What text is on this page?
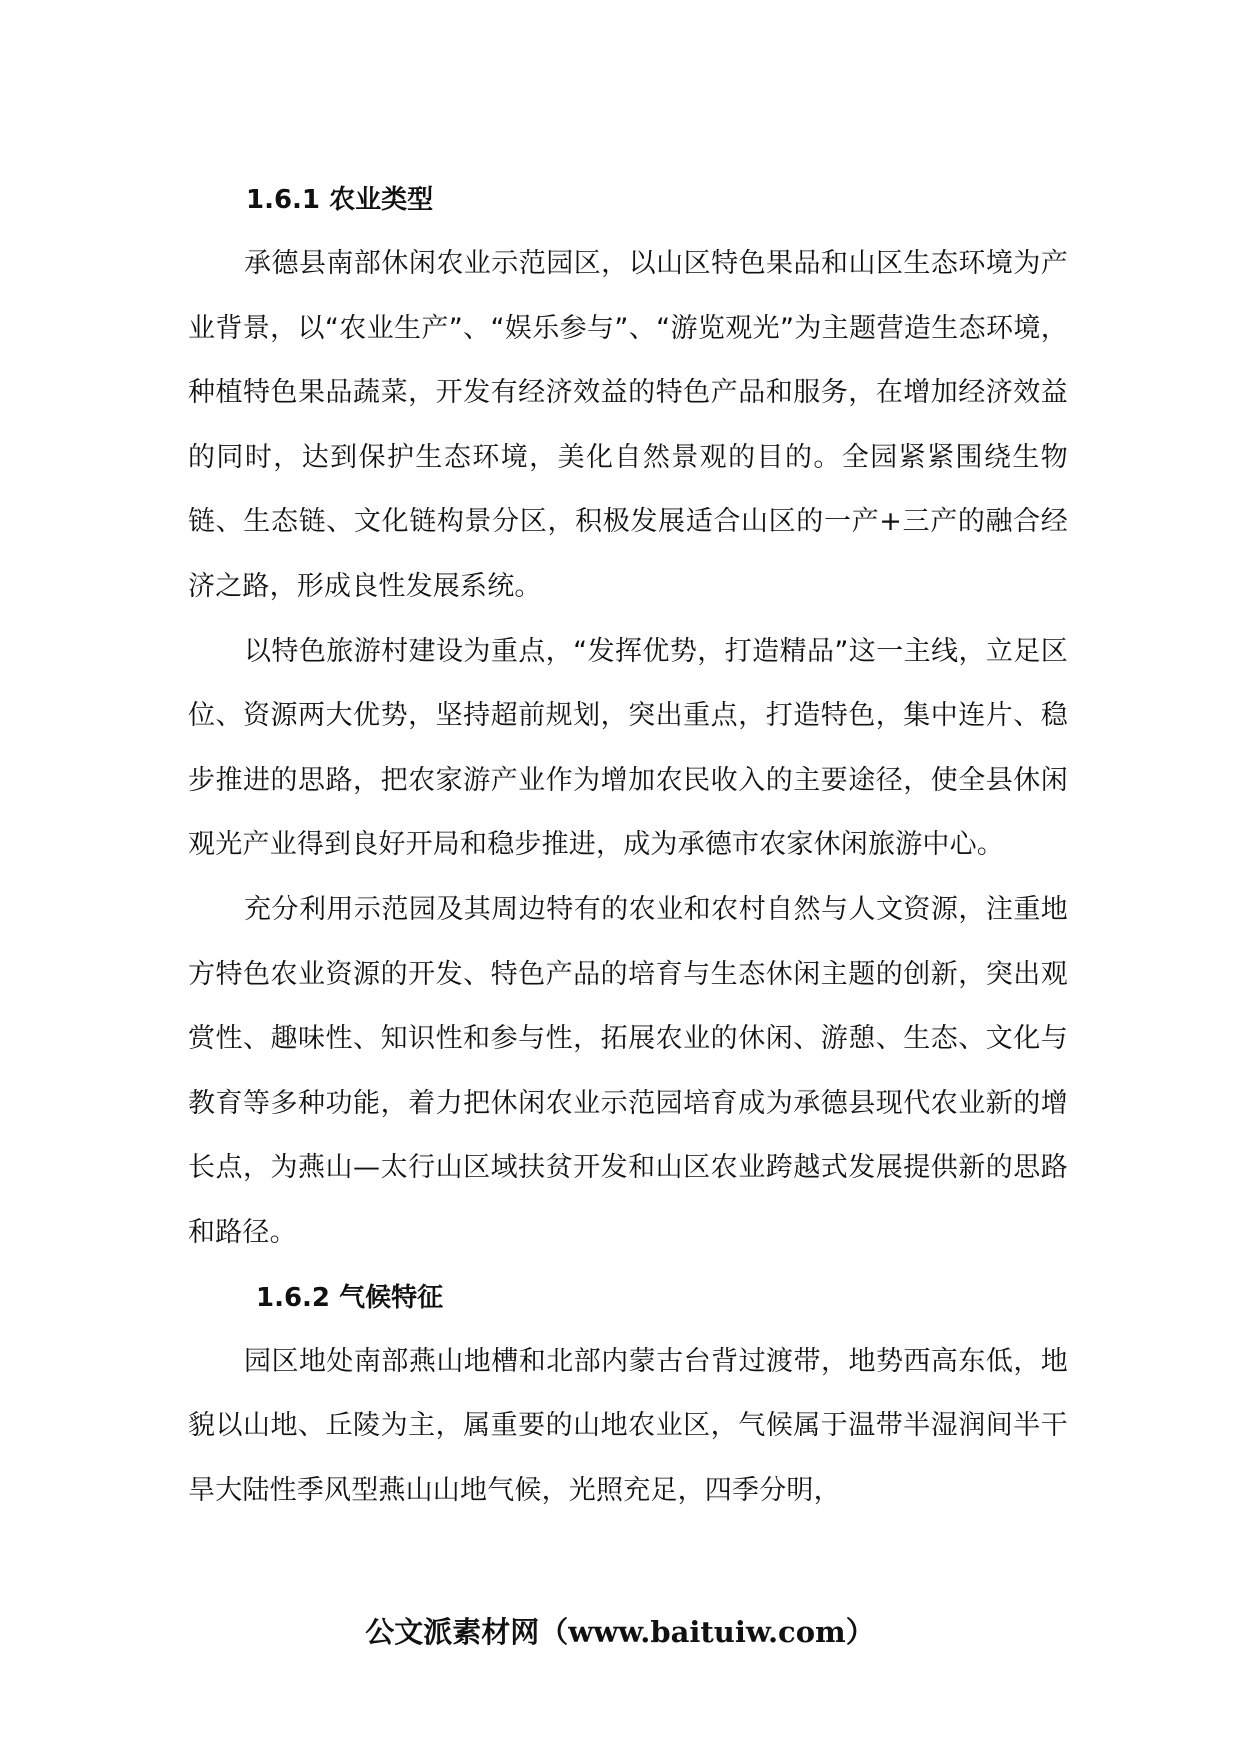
1.6.1 农业类型

承德县南部休闲农业示范园区，以山区特色果品和山区生态环境为产业背景，以“农业生产”、“娱乐参与”、“游览观光”为主题营造生态环境，种植特色果品蔬菜，开发有经济效益的特色产品和服务，在增加经济效益的同时，达到保护生态环境，美化自然景观的目的。全园紧紧围绕生物链、生态链、文化链构景分区，积极发展适合山区的一产+三产的融合经济之路，形成良性发展系统。

以特色旅游村建设为重点，“发挥优势，打造精品”这一主线，立足区位、资源两大优势，坚持超前规划，突出重点，打造特色，集中连片、稳步推进的思路，把农家游产业作为增加农民收入的主要途径，使全县休闲观光产业得到良好开局和稳步推进，成为承德市农家休闲旅游中心。

充分利用示范园及其周边特有的农业和农村自然与人文资源，注重地方特色农业资源的开发、特色产品的培育与生态休闲主题的创新，突出观赏性、趣味性、知识性和参与性，拓展农业的休闲、游憩、生态、文化与教育等多种功能，着力把休闲农业示范园培育成为承德县现代农业新的增长点，为燕山—太行山区域扶贫开发和山区农业跨越式发展提供新的思路和路径。

1.6.2 气候特征

园区地处南部燕山地槽和北部内蒙古台背过渡带，地势西高东低，地貌以山地、丘陵为主，属重要的山地农业区，气候属于温带半湿润间半干旱大陆性季风型燕山山地气候，光照充足，四季分明，

公文派素材网（www.baituiw.com）
